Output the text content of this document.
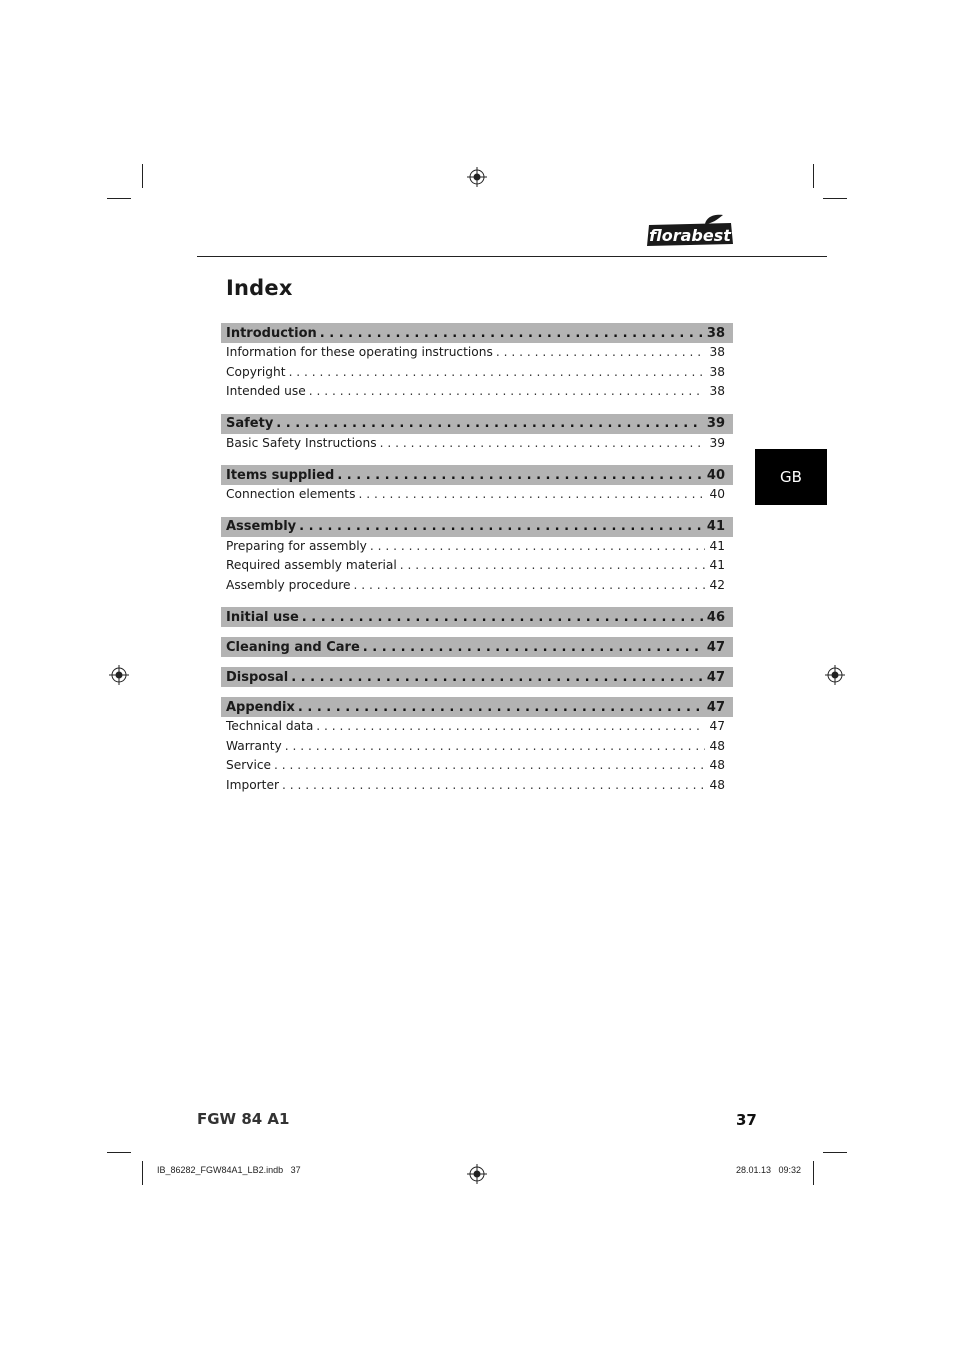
florabest
Index
GB
Introduction . . .	38
Information for these operating instructions . . .	38
Copyright . . .	38
Intended use . . .	38
Safety . . .	39
Basic Safety Instructions . . .	39
Items supplied . . .	40
Connection elements . . .	40
Assembly . . .	41
Preparing for assembly . . .	41
Required assembly material . . .	41
Assembly procedure . . .	42
Initial use . . .	46
Cleaning and Care . . .	47
Disposal . . .	47
Appendix . . .	47
Technical data . . .	47
Warranty . . .	48
Service . . .	48
Importer . . .	48
FGW 84 A1	37
IB_86282_FGW84A1_LB2.indb   37	28.01.13   09:32
